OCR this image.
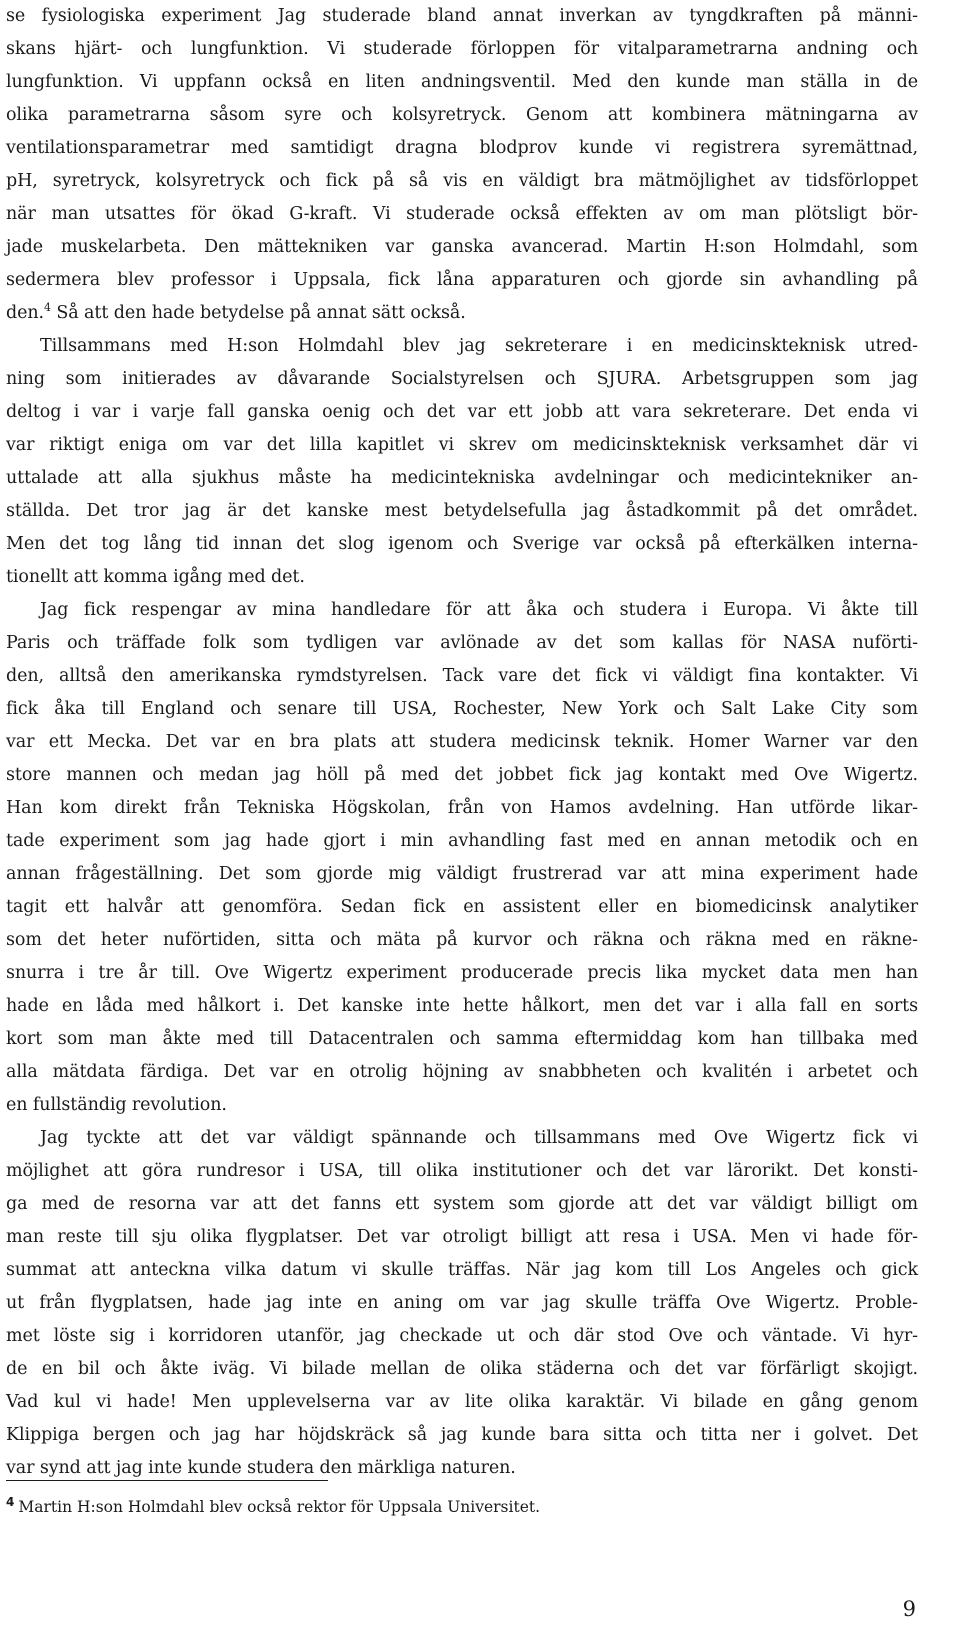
se fysiologiska experiment Jag studerade bland annat inverkan av tyngdkraften på männi-
skans hjärt- och lungfunktion. Vi studerade förloppen för vitalparametrarna andning och
lungfunktion. Vi uppfann också en liten andningsventil. Med den kunde man ställa in de
olika parametrarna såsom syre och kolsyretryck. Genom att kombinera mätningarna av
ventilationsparametrar med samtidigt dragna blodprov kunde vi registrera syremättnad,
pH, syretryck, kolsyretryck och fick på så vis en väldigt bra mätmöjlighet av tidsförloppet
när man utsattes för ökad G-kraft. Vi studerade också effekten av om man plötsligt bör-
jade muskelarbeta. Den mättekniken var ganska avancerad. Martin H:son Holmdahl, som
sedermera blev professor i Uppsala, fick låna apparaturen och gjorde sin avhandling på
den.$^4$ Så att den hade betydelse på annat sätt också.
Tillsammans med H:son Holmdahl blev jag sekreterare i en medicinskteknisk utred-
ning som initierades av dåvarande Socialstyrelsen och SJURA. Arbetsgruppen som jag
deltog i var i varje fall ganska oenig och det var ett jobb att vara sekreterare. Det enda vi
var riktigt eniga om var det lilla kapitlet vi skrev om medicinskteknisk verksamhet där vi
uttalade att alla sjukhus måste ha medicintekniska avdelningar och medicintekniker an-
ställda. Det tror jag är det kanske mest betydelsefulla jag åstadkommit på det området.
Men det tog lång tid innan det slog igenom och Sverige var också på efterkälken interna-
tionellt att komma igång med det.
Jag fick respengar av mina handledare för att åka och studera i Europa. Vi åkte till
Paris och träffade folk som tydligen var avlönade av det som kallas för NASA nuförti-
den, alltså den amerikanska rymdstyrelsen. Tack vare det fick vi väldigt fina kontakter. Vi
fick åka till England och senare till USA, Rochester, New York och Salt Lake City som
var ett Mecka. Det var en bra plats att studera medicinsk teknik. Homer Warner var den
store mannen och medan jag höll på med det jobbet fick jag kontakt med Ove Wigertz.
Han kom direkt från Tekniska Högskolan, från von Hamos avdelning. Han utförde likar-
tade experiment som jag hade gjort i min avhandling fast med en annan metodik och en
annan frågeställning. Det som gjorde mig väldigt frustrerad var att mina experiment hade
tagit ett halvår att genomföra. Sedan fick en assistent eller en biomedicinsk analytiker
som det heter nuförtiden, sitta och mäta på kurvor och räkna och räkna med en räkne-
snurra i tre år till. Ove Wigertz experiment producerade precis lika mycket data men han
hade en låda med hålkort i. Det kanske inte hette hålkort, men det var i alla fall en sorts
kort som man åkte med till Datacentralen och samma eftermiddag kom han tillbaka med
alla mätdata färdiga. Det var en otrolig höjning av snabbheten och kvalitén i arbetet och
en fullständig revolution.
Jag tyckte att det var väldigt spännande och tillsammans med Ove Wigertz fick vi
möjlighet att göra rundresor i USA, till olika institutioner och det var lärorikt. Det konsti-
ga med de resorna var att det fanns ett system som gjorde att det var väldigt billigt om
man reste till sju olika flygplatser. Det var otroligt billigt att resa i USA. Men vi hade för-
summat att anteckna vilka datum vi skulle träffas. När jag kom till Los Angeles och gick
ut från flygplatsen, hade jag inte en aning om var jag skulle träffa Ove Wigertz. Proble-
met löste sig i korridoren utanför, jag checkade ut och där stod Ove och väntade. Vi hyr-
de en bil och åkte iväg. Vi bilade mellan de olika städerna och det var förfärligt skojigt.
Vad kul vi hade! Men upplevelserna var av lite olika karaktär. Vi bilade en gång genom
Klippiga bergen och jag har höjdskräck så jag kunde bara sitta och titta ner i golvet. Det
var synd att jag inte kunde studera den märkliga naturen.
$^4$ Martin H:son Holmdahl blev också rektor för Uppsala Universitet.
9
